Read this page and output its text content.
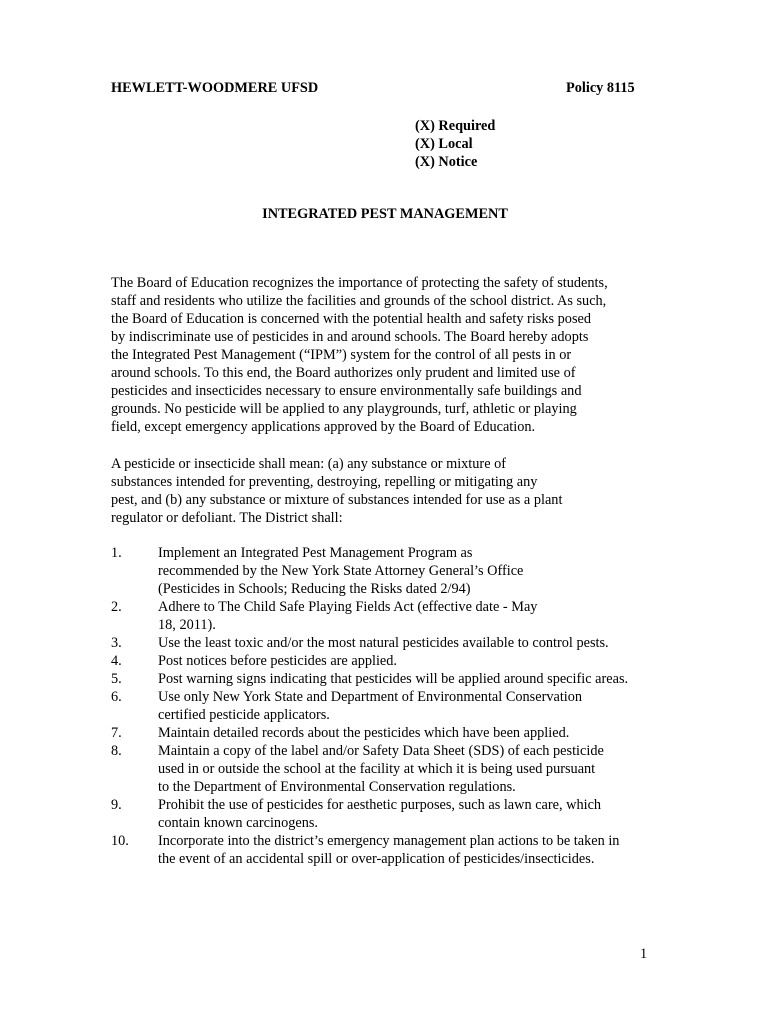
HEWLETT-WOODMERE UFSD	Policy 8115
(X) Required
(X) Local
(X) Notice
INTEGRATED PEST MANAGEMENT
The Board of Education recognizes the importance of protecting the safety of students,
staff and residents who utilize the facilities and grounds of the school district. As such,
the Board of Education is concerned with the potential health and safety risks posed
by indiscriminate use of pesticides in and around schools. The Board hereby adopts
the Integrated Pest Management (“IPM”) system for the control of all pests in or
around schools. To this end, the Board authorizes only prudent and limited use of
pesticides and insecticides necessary to ensure environmentally safe buildings and
grounds. No pesticide will be applied to any playgrounds, turf, athletic or playing
field, except emergency applications approved by the Board of Education.
A pesticide or insecticide shall mean: (a) any substance or mixture of
substances intended for preventing, destroying, repelling or mitigating any
pest, and (b) any substance or mixture of substances intended for use as a plant
regulator or defoliant. The District shall:
1.	Implement an Integrated Pest Management Program as
recommended by the New York State Attorney General’s Office
(Pesticides in Schools; Reducing the Risks dated 2/94)
2.	Adhere to The Child Safe Playing Fields Act (effective date - May
18, 2011).
3.	Use the least toxic and/or the most natural pesticides available to control pests.
4.	Post notices before pesticides are applied.
5.	Post warning signs indicating that pesticides will be applied around specific areas.
6.	Use only New York State and Department of Environmental Conservation
certified pesticide applicators.
7.	Maintain detailed records about the pesticides which have been applied.
8.	Maintain a copy of the label and/or Safety Data Sheet (SDS) of each pesticide
used in or outside the school at the facility at which it is being used pursuant
to the Department of Environmental Conservation regulations.
9.	Prohibit the use of pesticides for aesthetic purposes, such as lawn care, which
contain known carcinogens.
10. Incorporate into the district’s emergency management plan actions to be taken in
the event of an accidental spill or over-application of pesticides/insecticides.
1
